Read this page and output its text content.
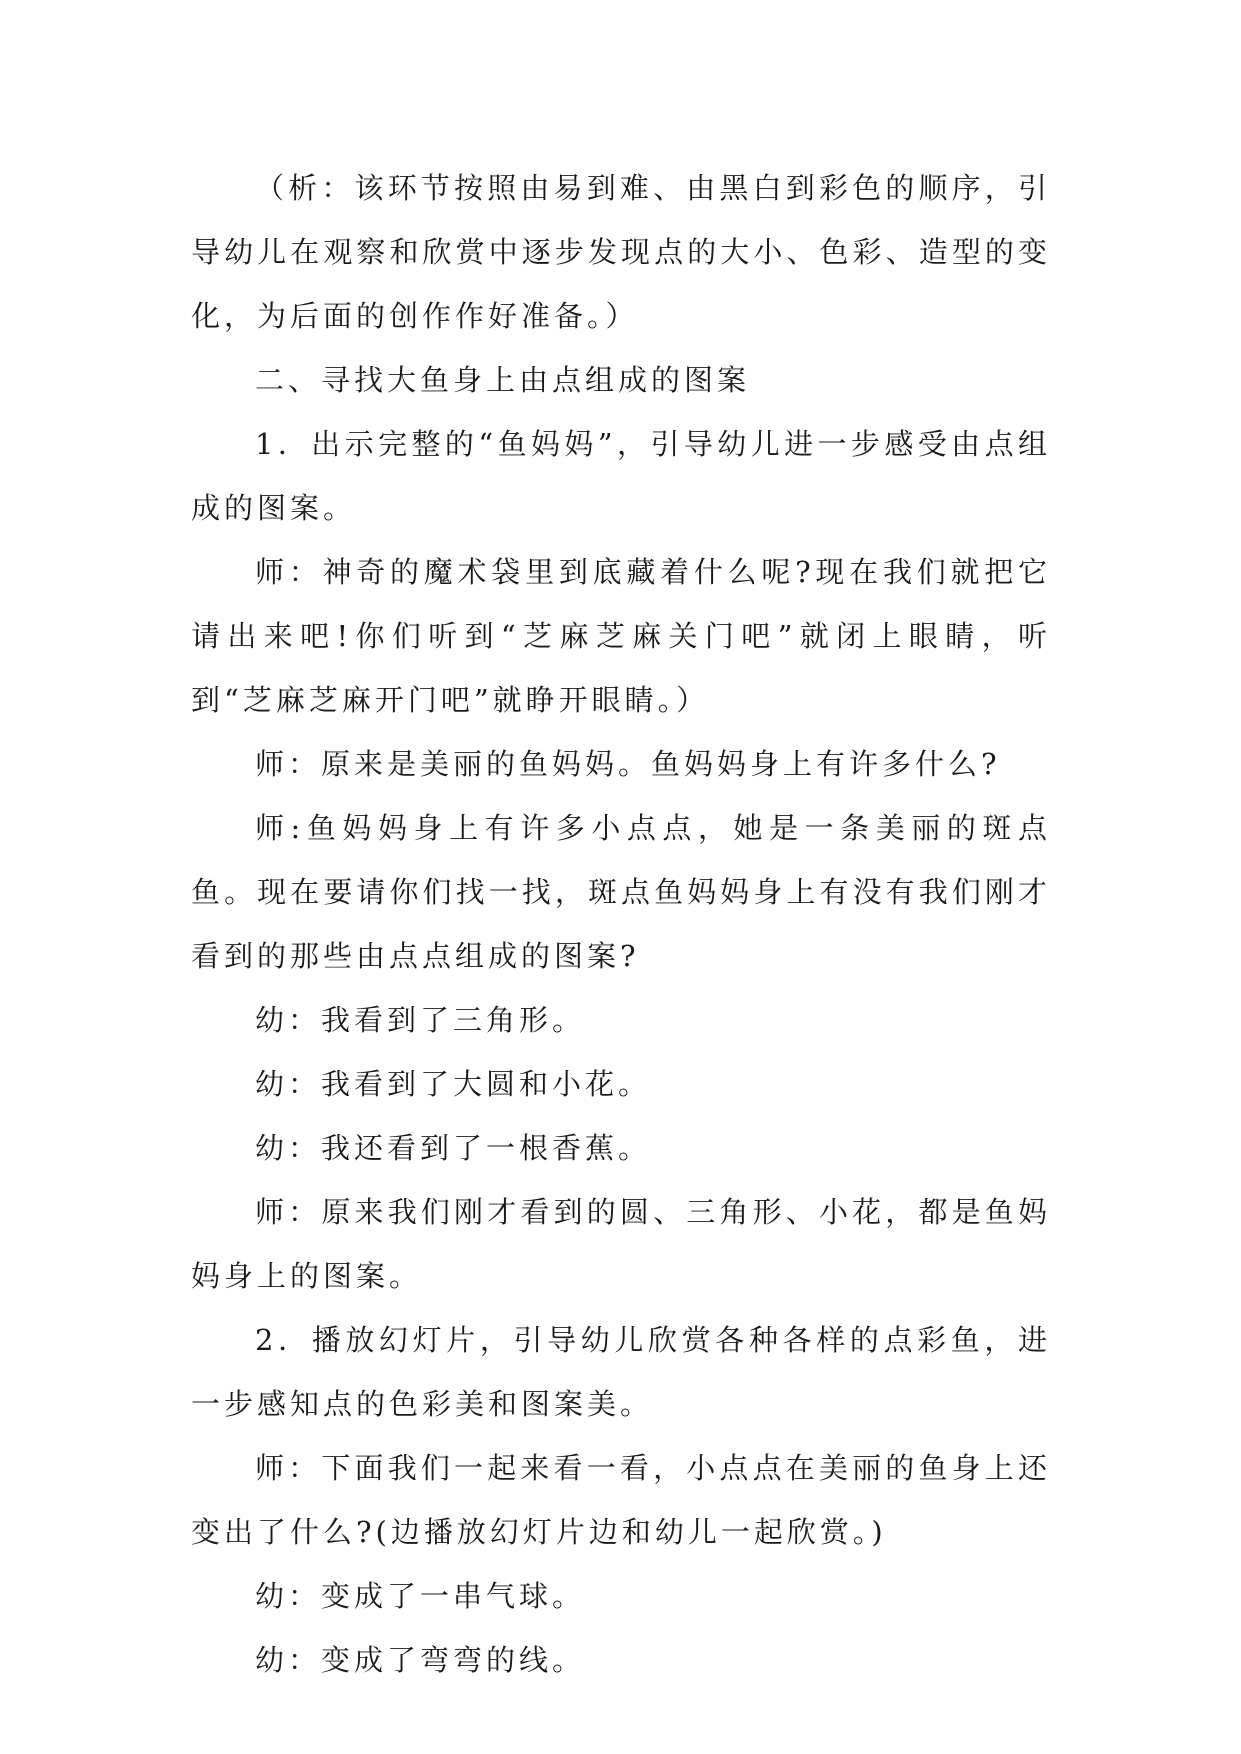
（析：该环节按照由易到难、由黑白到彩色的顺序，引导幼儿在观察和欣赏中逐步发现点的大小、色彩、造型的变化，为后面的创作作好准备。）

二、寻找大鱼身上由点组成的图案

1．出示完整的“鱼妈妈”，引导幼儿进一步感受由点组成的图案。

师：神奇的魔术袋里到底藏着什么呢?现在我们就把它请出来吧!你们听到“芝麻芝麻关门吧”就闭上眼睛，听到“芝麻芝麻开门吧”就睁开眼睛。）

师：原来是美丽的鱼妈妈。鱼妈妈身上有许多什么?

师:鱼妈妈身上有许多小点点，她是一条美丽的斑点鱼。现在要请你们找一找，斑点鱼妈妈身上有没有我们刚才看到的那些由点点组成的图案?

幼：我看到了三角形。

幼：我看到了大圆和小花。

幼：我还看到了一根香蕉。

师：原来我们刚才看到的圆、三角形、小花，都是鱼妈妈身上的图案。

2．播放幻灯片，引导幼儿欣赏各种各样的点彩鱼，进一步感知点的色彩美和图案美。

师：下面我们一起来看一看，小点点在美丽的鱼身上还变出了什么?(边播放幻灯片边和幼儿一起欣赏。)

幼：变成了一串气球。

幼：变成了弯弯的线。
